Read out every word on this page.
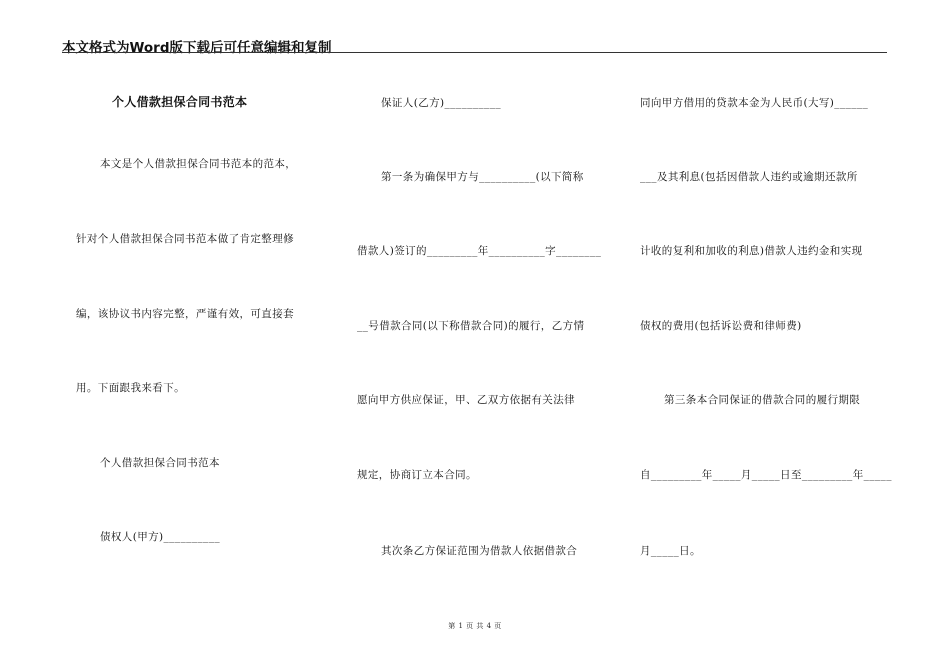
本文格式为Word版下载后可任意编辑和复制
个人借款担保合同书范本
本文是个人借款担保合同书范本的范本，
针对个人借款担保合同书范本做了肯定整理修
编，该协议书内容完整，严谨有效，可直接套
用。下面跟我来看下。
个人借款担保合同书范本
债权人(甲方)__________
保证人(乙方)__________
第一条为确保甲方与__________(以下简称
借款人)签订的_________年__________字________
__号借款合同(以下称借款合同)的履行，乙方情
愿向甲方供应保证，甲、乙双方依据有关法律
规定，协商订立本合同。
其次条乙方保证范围为借款人依据借款合
同向甲方借用的贷款本金为人民币(大写)______
___及其利息(包括因借款人违约或逾期还款所
计收的复利和加收的利息)借款人违约金和实现
债权的费用(包括诉讼费和律师费)
第三条本合同保证的借款合同的履行期限
自_________年_____月_____日至_________年_____
月_____日。
第 1 页 共 4 页
